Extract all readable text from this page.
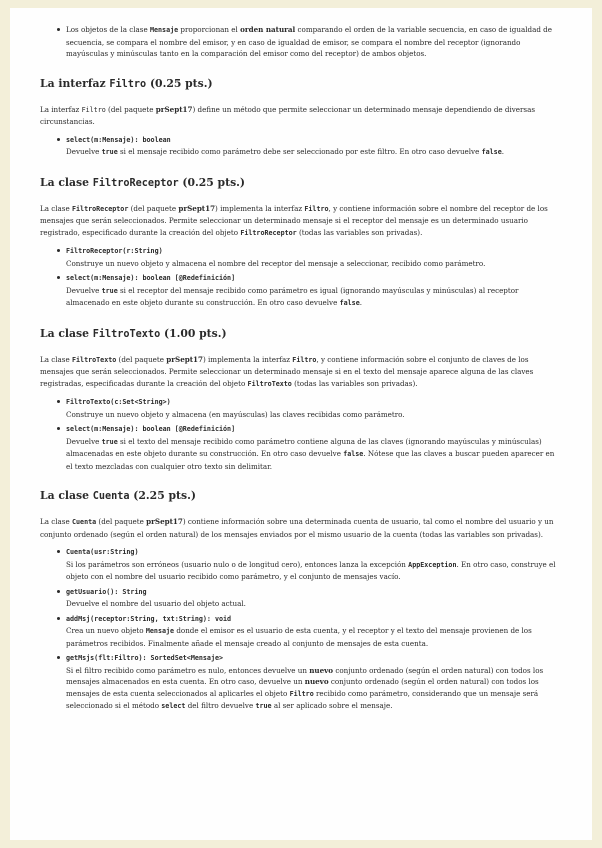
Los objetos de la clase Mensaje proporcionan el orden natural comparando el orden de la variable secuencia, en caso de igualdad de secuencia, se compara el nombre del emisor, y en caso de igualdad de emisor, se compara el nombre del receptor (ignorando mayúsculas y minúsculas tanto en la comparación del emisor como del receptor) de ambos objetos.
La interfaz Filtro (0.25 pts.)

La interfaz Filtro (del paquete prSept17) define un método que permite seleccionar un determinado mensaje dependiendo de diversas circunstancias.

select(m:Mensaje): boolean
Devuelve true si el mensaje recibido como parámetro debe ser seleccionado por este filtro. En otro caso devuelve false.
La clase FiltroReceptor (0.25 pts.)

La clase FiltroReceptor (del paquete prSept17) implementa la interfaz Filtro, y contiene información sobre el nombre del receptor de los mensajes que serán seleccionados. Permite seleccionar un determinado mensaje si el receptor del mensaje es un determinado usuario registrado, especificado durante la creación del objeto FiltroReceptor (todas las variables son privadas).

FiltroReceptor(r:String)
Construye un nuevo objeto y almacena el nombre del receptor del mensaje a seleccionar, recibido como parámetro.
select(m:Mensaje): boolean [@Redefinición]
Devuelve true si el receptor del mensaje recibido como parámetro es igual (ignorando mayúsculas y minúsculas) al receptor almacenado en este objeto durante su construcción. En otro caso devuelve false.
La clase FiltroTexto (1.00 pts.)

La clase FiltroTexto (del paquete prSept17) implementa la interfaz Filtro, y contiene información sobre el conjunto de claves de los mensajes que serán seleccionados. Permite seleccionar un determinado mensaje si en el texto del mensaje aparece alguna de las claves registradas, especificadas durante la creación del objeto FiltroTexto (todas las variables son privadas).

FiltroTexto(c:Set<String>)
Construye un nuevo objeto y almacena (en mayúsculas) las claves recibidas como parámetro.
select(m:Mensaje): boolean [@Redefinición]
Devuelve true si el texto del mensaje recibido como parámetro contiene alguna de las claves (ignorando mayúsculas y minúsculas) almacenadas en este objeto durante su construcción. En otro caso devuelve false. Nótese que las claves a buscar pueden aparecer en el texto mezcladas con cualquier otro texto sin delimitar.
La clase Cuenta (2.25 pts.)

La clase Cuenta (del paquete prSept17) contiene información sobre una determinada cuenta de usuario, tal como el nombre del usuario y un conjunto ordenado (según el orden natural) de los mensajes enviados por el mismo usuario de la cuenta (todas las variables son privadas).

Cuenta(usr:String)
Si los parámetros son erróneos (usuario nulo o de longitud cero), entonces lanza la excepción AppException. En otro caso, construye el objeto con el nombre del usuario recibido como parámetro, y el conjunto de mensajes vacío.
getUsuario(): String
Devuelve el nombre del usuario del objeto actual.
addMsj(receptor:String, txt:String): void
Crea un nuevo objeto Mensaje donde el emisor es el usuario de esta cuenta, y el receptor y el texto del mensaje provienen de los parámetros recibidos. Finalmente añade el mensaje creado al conjunto de mensajes de esta cuenta.
getMsjs(flt:Filtro): SortedSet<Mensaje>
Si el filtro recibido como parámetro es nulo, entonces devuelve un nuevo conjunto ordenado (según el orden natural) con todos los mensajes almacenados en esta cuenta. En otro caso, devuelve un nuevo conjunto ordenado (según el orden natural) con todos los mensajes de esta cuenta seleccionados al aplicarles el objeto Filtro recibido como parámetro, considerando que un mensaje será seleccionado si el método select del filtro devuelve true al ser aplicado sobre el mensaje.
